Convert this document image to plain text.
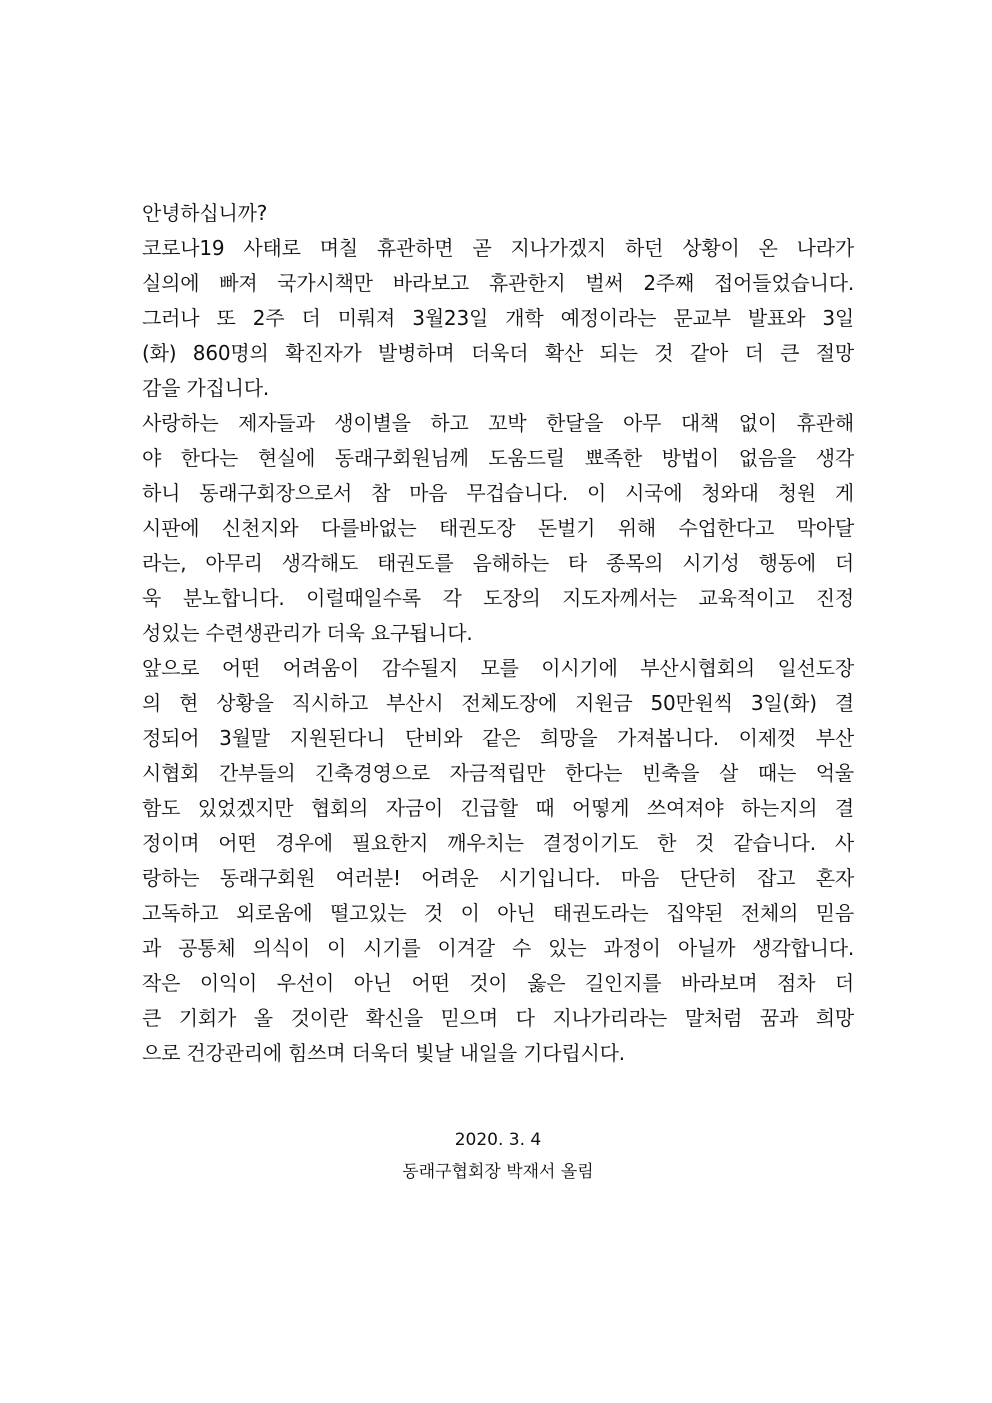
안녕하십니까?
코로나19 사태로 며칠 휴관하면 곧 지나가겠지 하던 상황이 온 나라가
실의에 빠져 국가시책만 바라보고 휴관한지 벌써 2주째 접어들었습니다.
그러나 또 2주 더 미뤄져 3월23일 개학 예정이라는 문교부 발표와 3일
(화) 860명의 확진자가 발병하며 더욱더 확산 되는 것 같아 더 큰 절망
감을 가집니다.
사랑하는 제자들과 생이별을 하고 꼬박 한달을 아무 대책 없이 휴관해
야 한다는 현실에 동래구회원님께 도움드릴 뾰족한 방법이 없음을 생각
하니 동래구회장으로서 참 마음 무겁습니다. 이 시국에 청와대 청원 게
시판에 신천지와 다를바없는 태권도장 돈벌기 위해 수업한다고 막아달
라는, 아무리 생각해도 태권도를 음해하는 타 종목의 시기성 행동에 더
욱 분노합니다. 이럴때일수록 각 도장의 지도자께서는 교육적이고 진정
성있는 수련생관리가 더욱 요구됩니다.
앞으로 어떤 어려움이 감수될지 모를 이시기에 부산시협회의 일선도장
의 현 상황을 직시하고 부산시 전체도장에 지원금 50만원씩 3일(화) 결
정되어 3월말 지원된다니 단비와 같은 희망을 가져봅니다. 이제껏 부산
시협회 간부들의 긴축경영으로 자금적립만 한다는 빈축을 살 때는 억울
함도 있었겠지만 협회의 자금이 긴급할 때 어떻게 쓰여져야 하는지의 결
정이며 어떤 경우에 필요한지 깨우치는 결정이기도 한 것 같습니다. 사
랑하는 동래구회원 여러분! 어려운 시기입니다. 마음 단단히 잡고 혼자
고독하고 외로움에 떨고있는 것 이 아닌 태권도라는 집약된 전체의 믿음
과 공통체 의식이 이 시기를 이겨갈 수 있는 과정이 아닐까 생각합니다.
작은 이익이 우선이 아닌 어떤 것이 옳은 길인지를 바라보며 점차 더
큰 기회가 올 것이란 확신을 믿으며 다 지나가리라는 말처럼 꿈과 희망
으로 건강관리에 힘쓰며 더욱더 빛날 내일을 기다립시다.
2020. 3. 4
동래구협회장 박재서 올림
